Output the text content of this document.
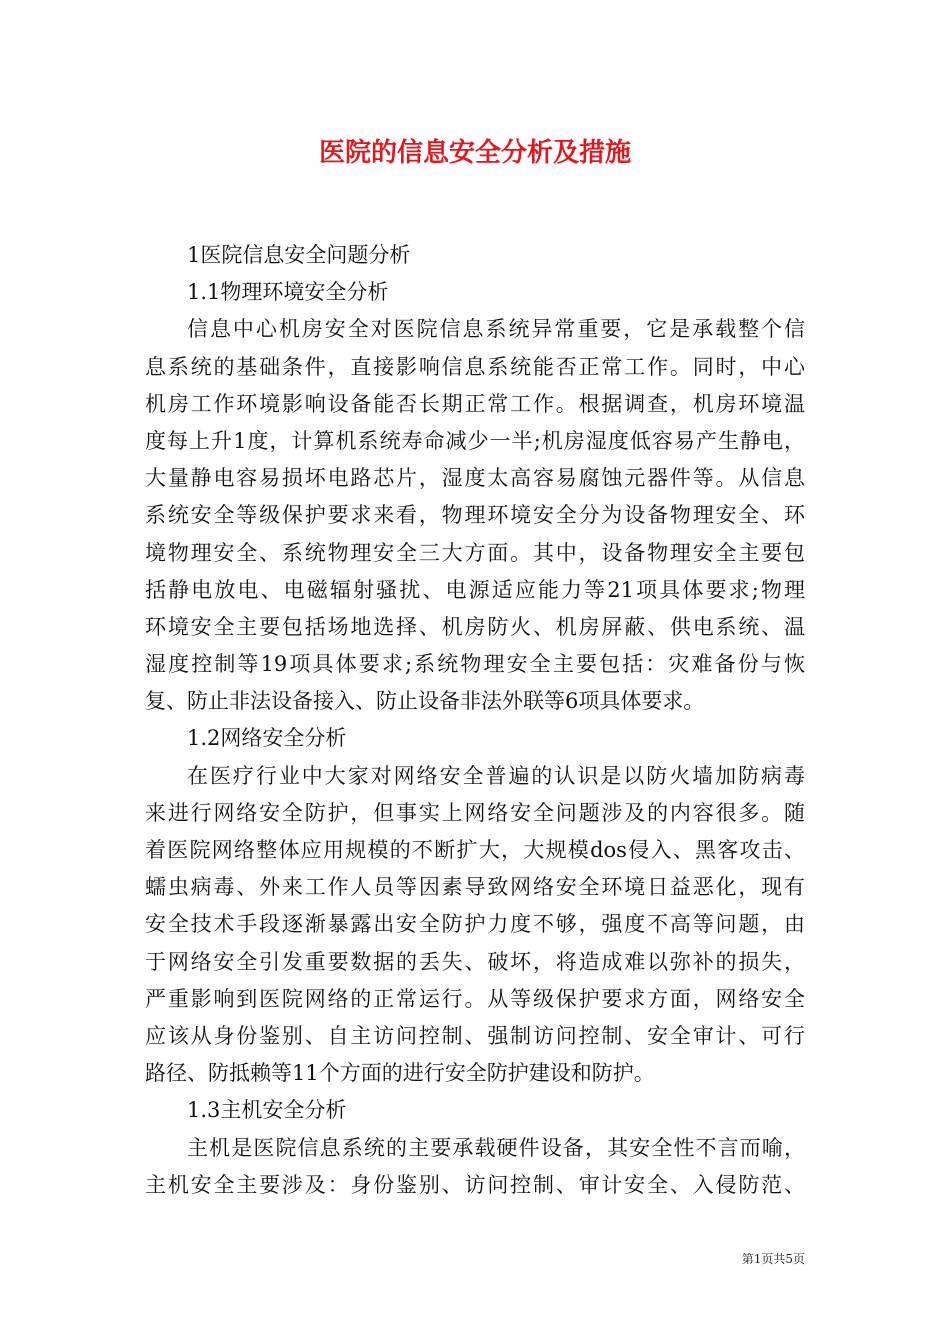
医院的信息安全分析及措施
1医院信息安全问题分析
1.1物理环境安全分析
信息中心机房安全对医院信息系统异常重要，它是承载整个信
息系统的基础条件，直接影响信息系统能否正常工作。同时，中心
机房工作环境影响设备能否长期正常工作。根据调查，机房环境温
度每上升1度，计算机系统寿命减少一半;机房湿度低容易产生静电，
大量静电容易损坏电路芯片，湿度太高容易腐蚀元器件等。从信息
系统安全等级保护要求来看，物理环境安全分为设备物理安全、环
境物理安全、系统物理安全三大方面。其中，设备物理安全主要包
括静电放电、电磁辐射骚扰、电源适应能力等21项具体要求;物理
环境安全主要包括场地选择、机房防火、机房屏蔽、供电系统、温
湿度控制等19项具体要求;系统物理安全主要包括：灾难备份与恢
复、防止非法设备接入、防止设备非法外联等6项具体要求。
1.2网络安全分析
在医疗行业中大家对网络安全普遍的认识是以防火墙加防病毒
来进行网络安全防护，但事实上网络安全问题涉及的内容很多。随
着医院网络整体应用规模的不断扩大，大规模dos侵入、黑客攻击、
蠕虫病毒、外来工作人员等因素导致网络安全环境日益恶化，现有
安全技术手段逐渐暴露出安全防护力度不够，强度不高等问题，由
于网络安全引发重要数据的丢失、破坏，将造成难以弥补的损失，
严重影响到医院网络的正常运行。从等级保护要求方面，网络安全
应该从身份鉴别、自主访问控制、强制访问控制、安全审计、可行
路径、防抵赖等11个方面的进行安全防护建设和防护。
1.3主机安全分析
主机是医院信息系统的主要承载硬件设备，其安全性不言而喻，
主机安全主要涉及：身份鉴别、访问控制、审计安全、入侵防范、
第1页共5页
